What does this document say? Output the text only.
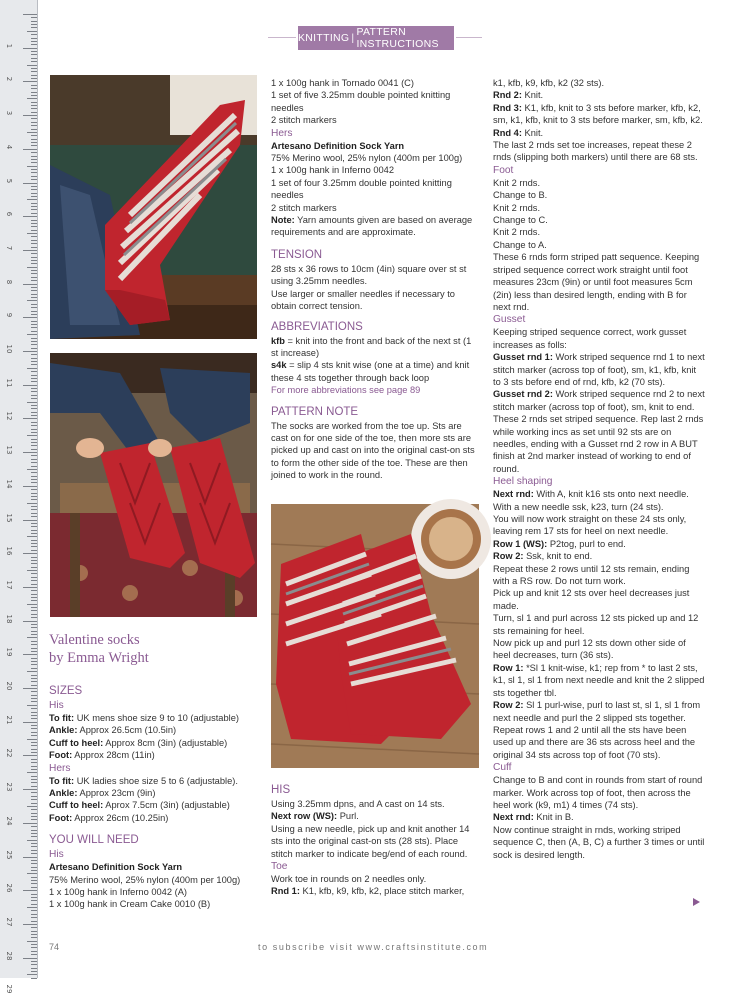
1
2
3
4
5
6
7
8
9
10
11
12
13
14
15
16
17
18
19
20
21
22
23
24
25
26
27
28
29
KNITTING | PATTERN INSTRUCTIONS
Valentine socks
by Emma Wright
SIZES
His

To fit: UK mens shoe size 9 to 10 (adjustable)

Ankle: Approx 26.5cm (10.5in)

Cuff to heel: Approx 8cm (3in) (adjustable)

Foot: Approx 28cm (11in)

Hers

To fit: UK ladies shoe size 5 to 6 (adjustable).

Ankle: Approx 23cm (9in)

Cuff to heel: Aprox 7.5cm (3in) (adjustable)

Foot: Approx 26cm (10.25in)

YOU WILL NEED
His

Artesano Definition Sock Yarn

75% Merino wool, 25% nylon (400m per 100g)

1 x 100g hank in Inferno 0042 (A)

1 x 100g hank in Cream Cake 0010 (B)

1 x 100g hank in Tornado 0041 (C)

1 set of five 3.25mm double pointed knitting needles

2 stitch markers

Hers

Artesano Definition Sock Yarn

75% Merino wool, 25% nylon (400m per 100g)

1 x 100g hank in Inferno 0042

1 set of four 3.25mm double pointed knitting needles

2 stitch markers

Note: Yarn amounts given are based on average requirements and are approximate.

TENSION

28 sts x 36 rows to 10cm (4in) square over st st using 3.25mm needles.

Use larger or smaller needles if necessary to obtain correct tension.

ABBREVIATIONS

kfb = knit into the front and back of the next st (1 st increase)

s4k = slip 4 sts knit wise (one at a time) and knit these 4 sts together through back loop

For more abbreviations see page 89

PATTERN NOTE

The socks are worked from the toe up. Sts are cast on for one side of the toe, then more sts are picked up and cast on into the original cast-on sts to form the other side of the toe. These are then joined to work in the round.

HIS

Using 3.25mm dpns, and A cast on 14 sts.

Next row (WS): Purl.

Using a new needle, pick up and knit another 14 sts into the original cast-on sts (28 sts). Place stitch marker to indicate beg/end of each round.

Toe

Work toe in rounds on 2 needles only.

Rnd 1: K1, kfb, k9, kfb, k2, place stitch marker,

k1, kfb, k9, kfb, k2 (32 sts).

Rnd 2: Knit.

Rnd 3: K1, kfb, knit to 3 sts before marker, kfb, k2, sm, k1, kfb, knit to 3 sts before marker, sm, kfb, k2.

Rnd 4: Knit.

The last 2 rnds set toe increases, repeat these 2 rnds (slipping both markers) until there are 68 sts.

Foot

Knit 2 rnds.

Change to B.

Knit 2 rnds.

Change to C.

Knit 2 rnds.

Change to A.

These 6 rnds form striped patt sequence. Keeping striped sequence correct work straight until foot measures 23cm (9in) or until foot measures 5cm (2in) less than desired length, ending with B for next rnd.

Gusset

Keeping striped sequence correct, work gusset increases as folls:

Gusset rnd 1: Work striped sequence rnd 1 to next stitch marker (across top of foot), sm, k1, kfb, knit to 3 sts before end of rnd, kfb, k2 (70 sts).

Gusset rnd 2: Work striped sequence rnd 2 to next stitch marker (across top of foot), sm, knit to end.

These 2 rnds set striped sequence. Rep last 2 rnds while working incs as set until 92 sts are on needles, ending with a Gusset rnd 2 row in A BUT finish at 2nd marker instead of working to end of round.

Heel shaping

Next rnd: With A, knit k16 sts onto next needle. With a new needle ssk, k23, turn (24 sts).

You will now work straight on these 24 sts only, leaving rem 17 sts for heel on next needle.

Row 1 (WS): P2tog, purl to end.

Row 2: Ssk, knit to end.

Repeat these 2 rows until 12 sts remain, ending with a RS row. Do not turn work.

Pick up and knit 12 sts over heel decreases just made.

Turn, sl 1 and purl across 12 sts picked up and 12 sts remaining for heel.

Now pick up and purl 12 sts down other side of heel decreases, turn (36 sts).

Row 1: *Sl 1 knit-wise, k1; rep from * to last 2 sts, k1, sl 1, sl 1 from next needle and knit the 2 slipped sts together tbl.

Row 2: Sl 1 purl-wise, purl to last st, sl 1, sl 1 from next needle and purl the 2 slipped sts together.

Repeat rows 1 and 2 until all the sts have been used up and there are 36 sts across heel and the original 34 sts across top of foot (70 sts).

Cuff

Change to B and cont in rounds from start of round marker. Work across top of foot, then across the heel work (k9, m1) 4 times (74 sts).

Next rnd: Knit in B.

Now continue straight in rnds, working striped sequence C, then (A, B, C) a further 3 times or until sock is desired length.

74	to subscribe visit www.craftsinstitute.com
